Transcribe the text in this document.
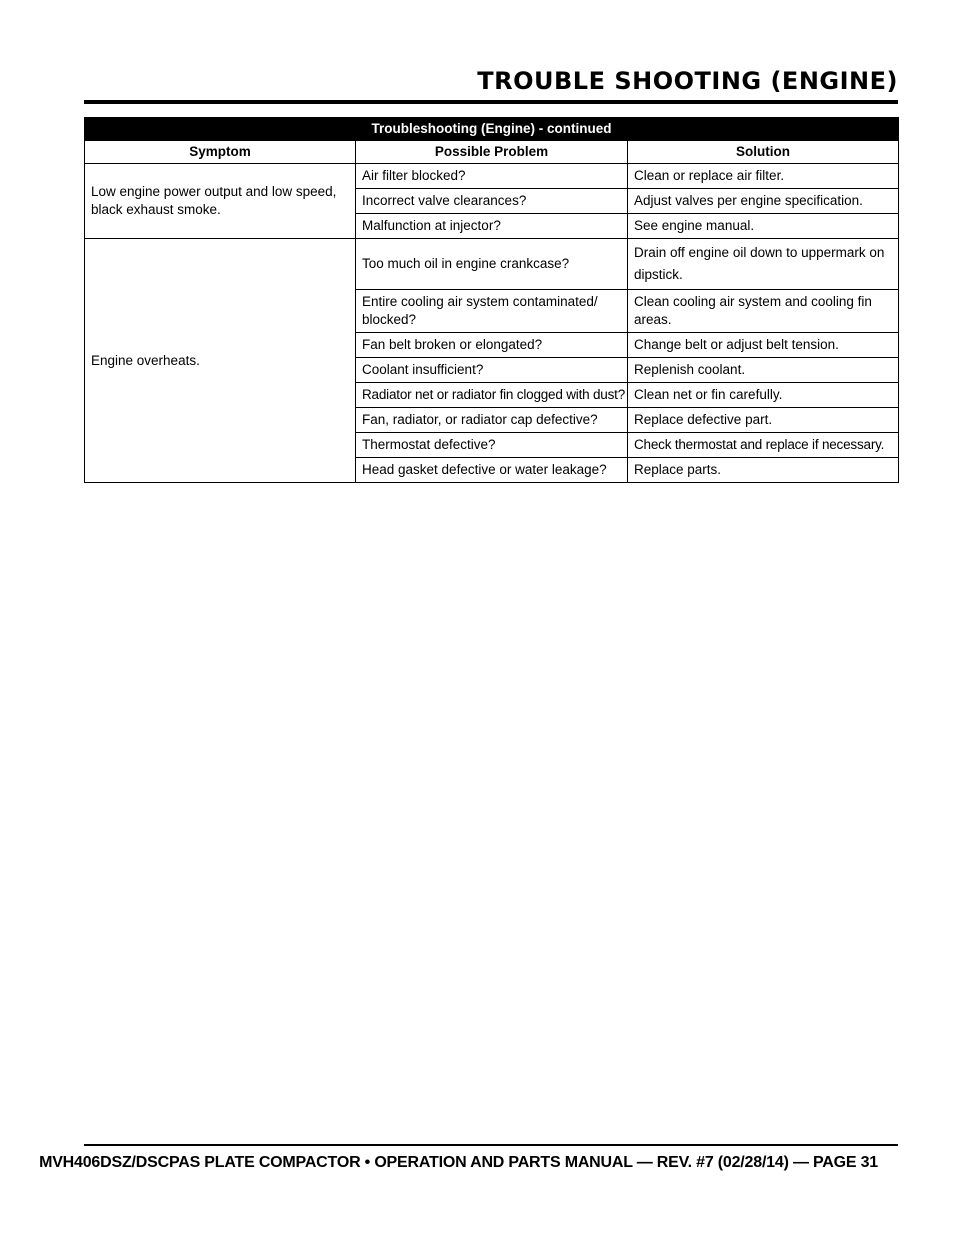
TROUBLE SHOOTING (ENGINE)
Troubleshooting (Engine) - continued		
Symptom	Possible Problem	Solution
Low engine power output and low speed, black exhaust smoke.	Air filter blocked?	Clean or replace air filter.
	Incorrect valve clearances?	Adjust valves per engine specification.
	Malfunction at injector?	See engine manual.
Engine overheats.	Too much oil in engine crankcase?	Drain off engine oil down to uppermark on dipstick.
	Entire cooling air system contaminated/ blocked?	Clean cooling air system and cooling fin areas.
	Fan belt broken or elongated?	Change belt or adjust belt tension.
	Coolant insufficient?	Replenish coolant.
	Radiator net or radiator fin clogged with dust?	Clean net or fin carefully.
	Fan, radiator, or radiator cap defective?	Replace defective part.
	Thermostat defective?	Check thermostat and replace if necessary.
	Head gasket defective or water leakage?	Replace parts.
MVH406DSZ/DSCPAS PLATE COMPACTOR • OPERATION AND PARTS MANUAL — REV. #7 (02/28/14) — PAGE 31
